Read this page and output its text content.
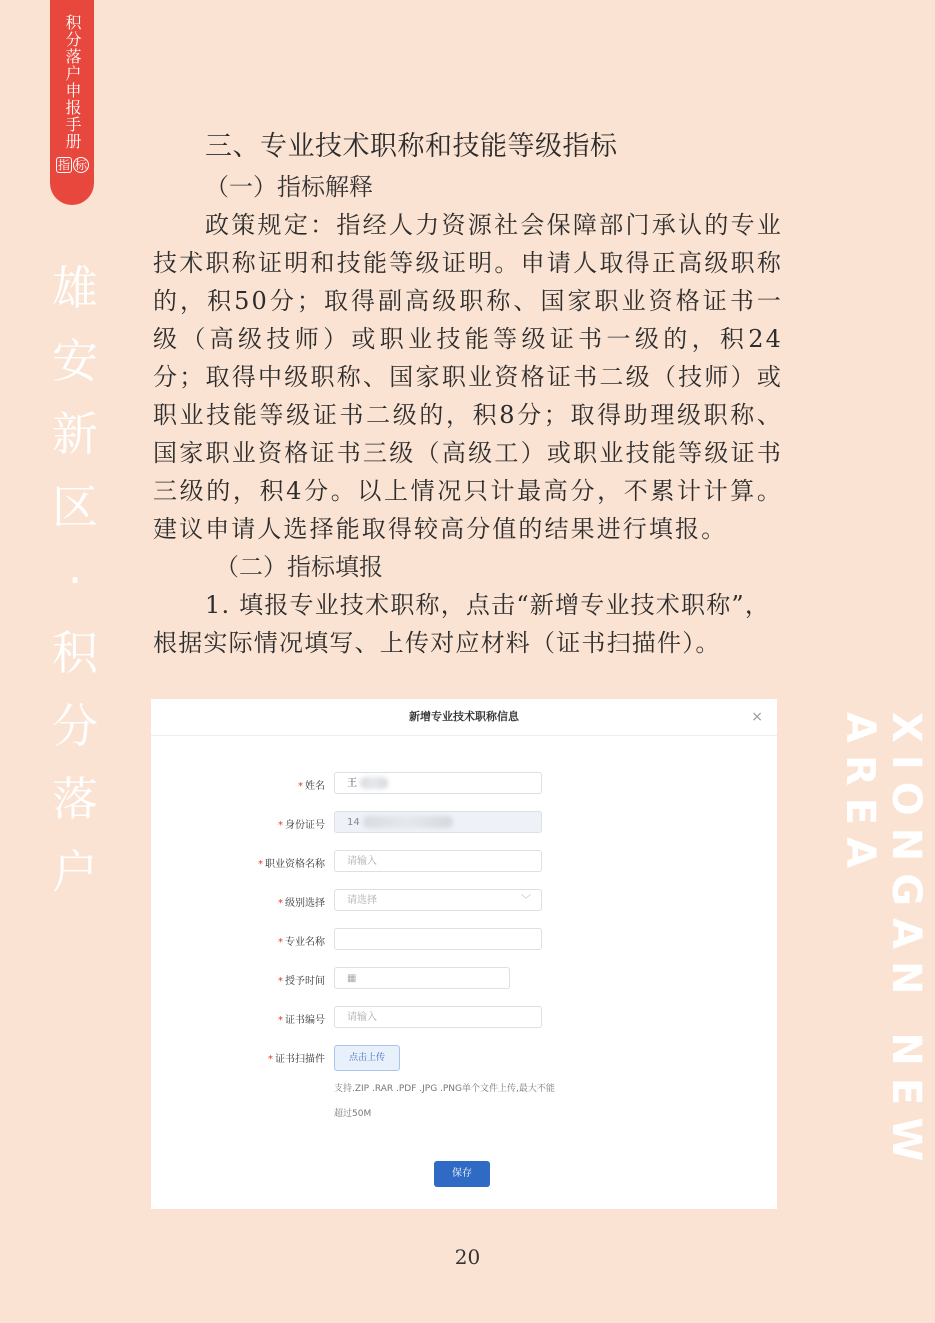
积分落户申报手册
指 标
雄
安
新
区
·
积
分
落
户	XIONGAN NEW AREA
三、专业技术职称和技能等级指标
（一）指标解释
政策规定：指经人力资源社会保障部门承认的专业技术职称证明和技能等级证明。申请人取得正高级职称的，积50分；取得副高级职称、国家职业资格证书一级（高级技师）或职业技能等级证书一级的，积24分；取得中级职称、国家职业资格证书二级（技师）或职业技能等级证书二级的，积8分；取得助理级职称、国家职业资格证书三级（高级工）或职业技能等级证书三级的，积4分。以上情况只计最高分，不累计计算。建议申请人选择能取得较高分值的结果进行填报。
（二）指标填报
1. 填报专业技术职称，点击“新增专业技术职称”，根据实际情况填写、上传对应材料（证书扫描件）。
新增专业技术职称信息	×
* 姓名	王
* 身份证号	14
* 职业资格名称	请输入
* 级别选择	请选择	﹀
* 专业名称
* 授予时间	▦
* 证书编号	请输入
* 证书扫描件	点击上传
支持.ZIP .RAR .PDF .JPG .PNG单个文件上传,最大不能
超过50M
保存
20
